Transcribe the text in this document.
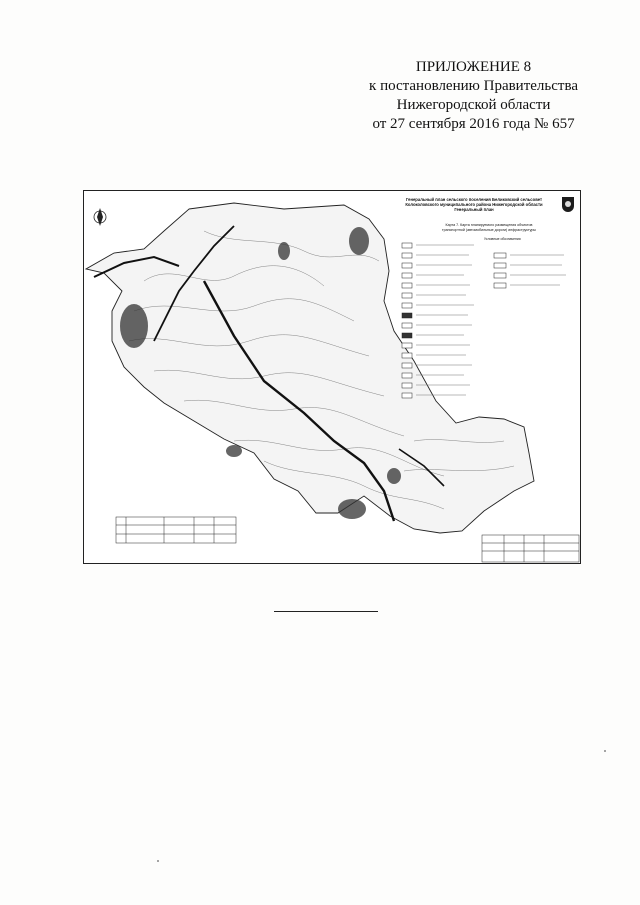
ПРИЛОЖЕНИЕ 8
к постановлению Правительства
Нижегородской области
от 27 сентября 2016 года № 657
Генеральный план сельского поселения Беликовский сельсовет
Колоколовского муниципального района Нижегородской области
Генеральный план
Карта 7. Карта планируемого размещения объектов
транспортной (автомобильные дороги) инфраструктуры
Условные обозначения
